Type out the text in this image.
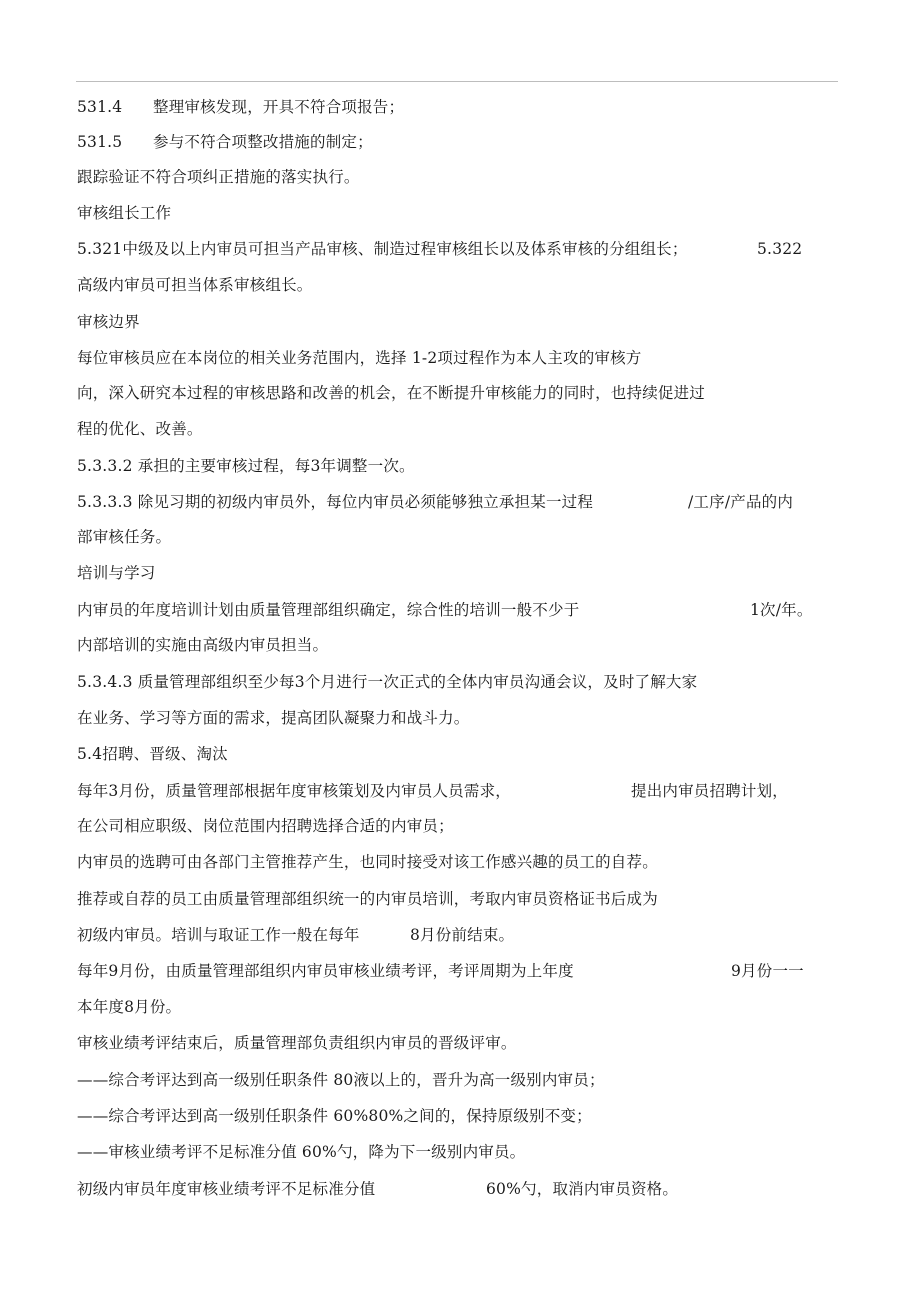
531.4 整理审核发现，开具不符合项报告；
531.5 参与不符合项整改措施的制定；
跟踪验证不符合项纠正措施的落实执行。
审核组长工作
5.321中级及以上内审员可担当产品审核、制造过程审核组长以及体系审核的分组组长；	5.322
高级内审员可担当体系审核组长。
审核边界
每位审核员应在本岗位的相关业务范围内，选择 1-2项过程作为本人主攻的审核方
向，深入研究本过程的审核思路和改善的机会，在不断提升审核能力的同时，也持续促进过
程的优化、改善。
5.3.3.2 承担的主要审核过程，每3年调整一次。
5.3.3.3 除见习期的初级内审员外，每位内审员必须能够独立承担某一过程	/工序/产品的内
部审核任务。
培训与学习
内审员的年度培训计划由质量管理部组织确定，综合性的培训一般不少于	1次/年。
内部培训的实施由高级内审员担当。
5.3.4.3 质量管理部组织至少每3个月进行一次正式的全体内审员沟通会议，及时了解大家
在业务、学习等方面的需求，提高团队凝聚力和战斗力。
5.4招聘、晋级、淘汰
每年3月份，质量管理部根据年度审核策划及内审员人员需求，	提出内审员招聘计划，
在公司相应职级、岗位范围内招聘选择合适的内审员；
内审员的选聘可由各部门主管推荐产生，也同时接受对该工作感兴趣的员工的自荐。
推荐或自荐的员工由质量管理部组织统一的内审员培训，考取内审员资格证书后成为
初级内审员。培训与取证工作一般在每年	8月份前结束。
每年9月份，由质量管理部组织内审员审核业绩考评，考评周期为上年度	9月份一一
本年度8月份。
审核业绩考评结束后，质量管理部负责组织内审员的晋级评审。
——综合考评达到高一级别任职条件 80液以上的，晋升为高一级别内审员；
——综合考评达到高一级别任职条件 60%80%之间的，保持原级别不变；
——审核业绩考评不足标准分值 60%勺，降为下一级别内审员。
初级内审员年度审核业绩考评不足标准分值	60%勺，取消内审员资格。
